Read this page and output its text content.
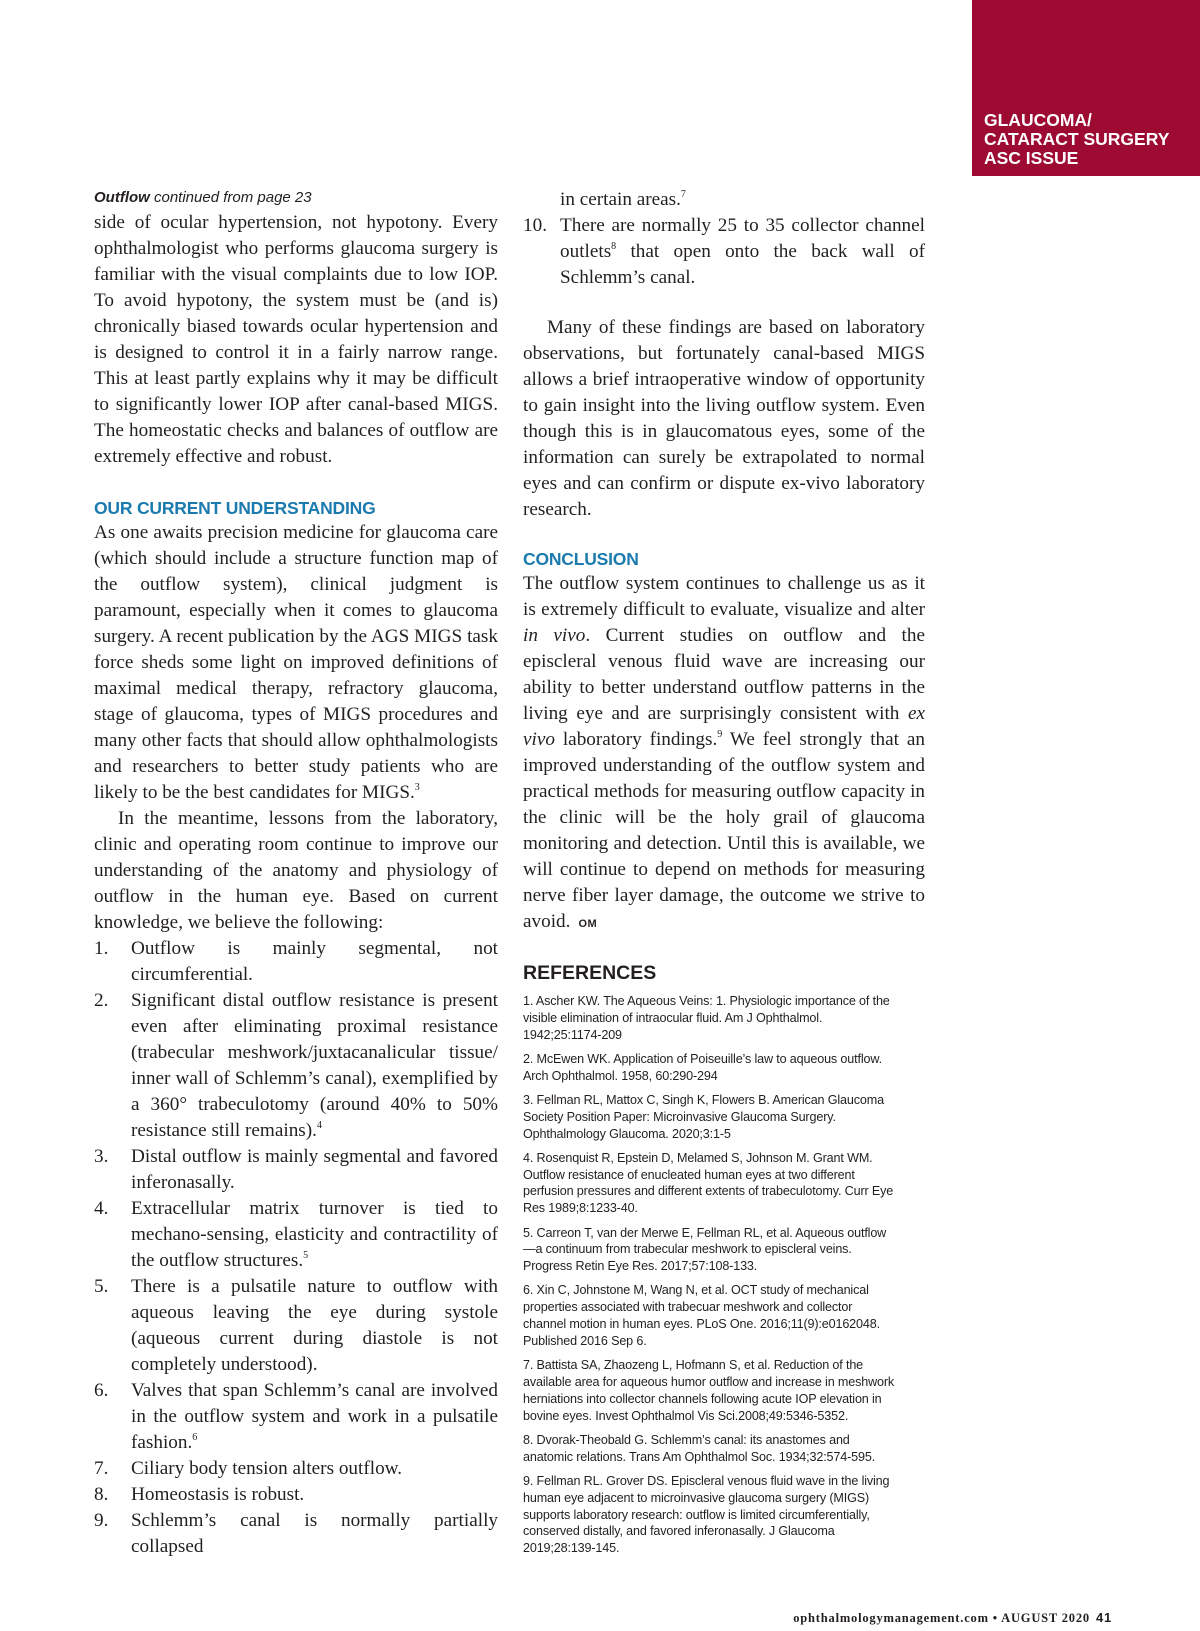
GLAUCOMA/
CATARACT SURGERY
ASC ISSUE

Outflow continued from page 23

side of ocular hypertension, not hypotony. Every ophthalmologist who performs glaucoma surgery is familiar with the visual complaints due to low IOP. To avoid hypotony, the system must be (and is) chronically biased towards ocular hypertension and is designed to control it in a fairly narrow range. This at least partly explains why it may be difficult to significantly lower IOP after canal-based MIGS. The homeostatic checks and balances of outflow are extremely effective and robust.

OUR CURRENT UNDERSTANDING

As one awaits precision medicine for glaucoma care (which should include a structure function map of the outflow system), clinical judgment is paramount, especially when it comes to glaucoma surgery. A recent publication by the AGS MIGS task force sheds some light on improved definitions of maximal medical therapy, refractory glaucoma, stage of glaucoma, types of MIGS procedures and many other facts that should allow ophthalmologists and researchers to better study patients who are likely to be the best candidates for MIGS.$^3$

In the meantime, lessons from the laboratory, clinic and operating room continue to improve our understanding of the anatomy and physiology of outflow in the human eye. Based on current knowledge, we believe the following:

1. Outflow is mainly segmental, not circumferential.
2. Significant distal outflow resistance is present even after eliminating proximal resistance (trabecular meshwork/juxtacanalicular tissue/ inner wall of Schlemm’s canal), exemplified by a 360° trabeculotomy (around 40% to 50% resistance still remains).$^4$
3. Distal outflow is mainly segmental and favored inferonasally.
4. Extracellular matrix turnover is tied to mechano-sensing, elasticity and contractility of the outflow structures.$^5$
5. There is a pulsatile nature to outflow with aqueous leaving the eye during systole (aqueous current during diastole is not completely understood).
6. Valves that span Schlemm’s canal are involved in the outflow system and work in a pulsatile fashion.$^6$
7. Ciliary body tension alters outflow.
8. Homeostasis is robust.
9. Schlemm’s canal is normally partially collapsed
in certain areas.$^7$
10. There are normally 25 to 35 collector channel outlets$^8$ that open onto the back wall of Schlemm’s canal.

Many of these findings are based on laboratory observations, but fortunately canal-based MIGS allows a brief intraoperative window of opportunity to gain insight into the living outflow system. Even though this is in glaucomatous eyes, some of the information can surely be extrapolated to normal eyes and can confirm or dispute ex-vivo laboratory research.

CONCLUSION

The outflow system continues to challenge us as it is extremely difficult to evaluate, visualize and alter in vivo. Current studies on outflow and the episcleral venous fluid wave are increasing our ability to better understand outflow patterns in the living eye and are surprisingly consistent with ex vivo laboratory findings.$^9$ We feel strongly that an improved understanding of the outflow system and practical methods for measuring outflow capacity in the clinic will be the holy grail of glaucoma monitoring and detection. Until this is available, we will continue to depend on methods for measuring nerve fiber layer damage, the outcome we strive to avoid. OM

REFERENCES

1. Ascher KW. The Aqueous Veins: 1. Physiologic importance of the visible elimination of intraocular fluid. Am J Ophthalmol. 1942;25:1174-209
2. McEwen WK. Application of Poiseuille’s law to aqueous outflow. Arch Ophthalmol. 1958, 60:290-294
3. Fellman RL, Mattox C, Singh K, Flowers B. American Glaucoma Society Position Paper: Microinvasive Glaucoma Surgery. Ophthalmology Glaucoma. 2020;3:1-5
4. Rosenquist R, Epstein D, Melamed S, Johnson M. Grant WM. Outflow resistance of enucleated human eyes at two different perfusion pressures and different extents of trabeculotomy. Curr Eye Res 1989;8:1233-40.
5. Carreon T, van der Merwe E, Fellman RL, et al. Aqueous outflow—a continuum from trabecular meshwork to episcleral veins. Progress Retin Eye Res. 2017;57:108-133.
6. Xin C, Johnstone M, Wang N, et al. OCT study of mechanical properties associated with trabecuar meshwork and collector channel motion in human eyes. PLoS One. 2016;11(9):e0162048. Published 2016 Sep 6.
7. Battista SA, Zhaozeng L, Hofmann S, et al. Reduction of the available area for aqueous humor outflow and increase in meshwork herniations into collector channels following acute IOP elevation in bovine eyes. Invest Ophthalmol Vis Sci.2008;49:5346-5352.
8. Dvorak-Theobald G. Schlemm’s canal: its anastomes and anatomic relations. Trans Am Ophthalmol Soc. 1934;32:574-595.
9. Fellman RL. Grover DS. Episcleral venous fluid wave in the living human eye adjacent to microinvasive glaucoma surgery (MIGS) supports laboratory research: outflow is limited circumferentially, conserved distally, and favored inferonasally. J Glaucoma 2019;28:139-145.
ophthalmologymanagement.com • AUGUST 2020 41
